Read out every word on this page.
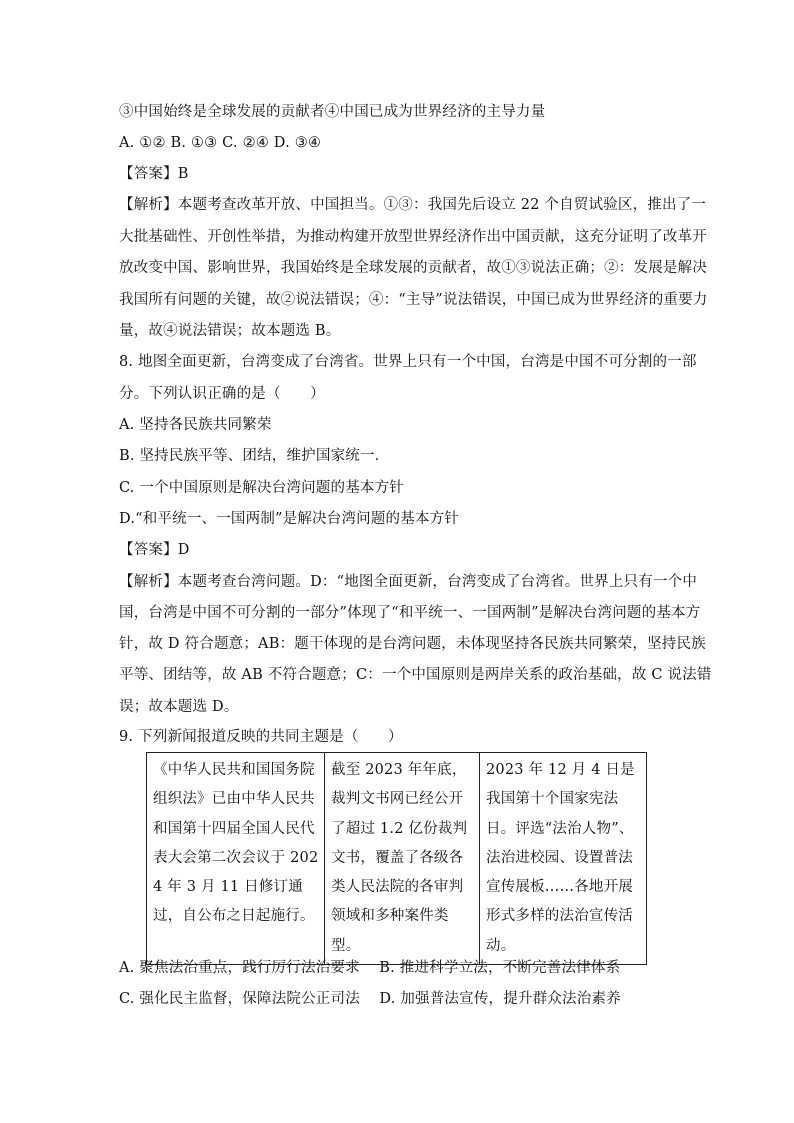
③中国始终是全球发展的贡献者④中国已成为世界经济的主导力量
A. ①② B. ①③ C. ②④ D. ③④
【答案】B
【解析】本题考查改革开放、中国担当。①③：我国先后设立 22 个自贸试验区，推出了一
大批基础性、开创性举措，为推动构建开放型世界经济作出中国贡献，这充分证明了改革开
放改变中国、影响世界，我国始终是全球发展的贡献者，故①③说法正确；②：发展是解决
我国所有问题的关键，故②说法错误；④：“主导”说法错误，中国已成为世界经济的重要力
量，故④说法错误；故本题选 B。
8. 地图全面更新，台湾变成了台湾省。世界上只有一个中国，台湾是中国不可分割的一部
分。下列认识正确的是（　　）
A. 坚持各民族共同繁荣
B. 坚持民族平等、团结，维护国家统一．
C. 一个中国原则是解决台湾问题的基本方针
D.“和平统一、一国两制”是解决台湾问题的基本方针
【答案】D
【解析】本题考查台湾问题。D：“地图全面更新，台湾变成了台湾省。世界上只有一个中
国，台湾是中国不可分割的一部分”体现了“和平统一、一国两制”是解决台湾问题的基本方
针，故 D 符合题意；AB：题干体现的是台湾问题，未体现坚持各民族共同繁荣，坚持民族
平等、团结等，故 AB 不符合题意；C：一个中国原则是两岸关系的政治基础，故 C 说法错
误；故本题选 D。
9. 下列新闻报道反映的共同主题是（　　）
《中华人民共和国国务院组织法》已由中华人民共和国第十四届全国人民代表大会第二次会议于 2024 年 3 月 11 日修订通过，自公布之日起施行。	截至 2023 年年底，裁判文书网已经公开了超过 1.2 亿份裁判文书，覆盖了各级各类人民法院的各审判领域和多种案件类型。	2023 年 12 月 4 日是我国第十个国家宪法日。评选“法治人物”、法治进校园、设置普法宣传展板……各地开展形式多样的法治宣传活动。
A. 聚焦法治重点，践行厉行法治要求　 B. 推进科学立法，不断完善法律体系
C. 强化民主监督，保障法院公正司法　 D. 加强普法宣传，提升群众法治素养
